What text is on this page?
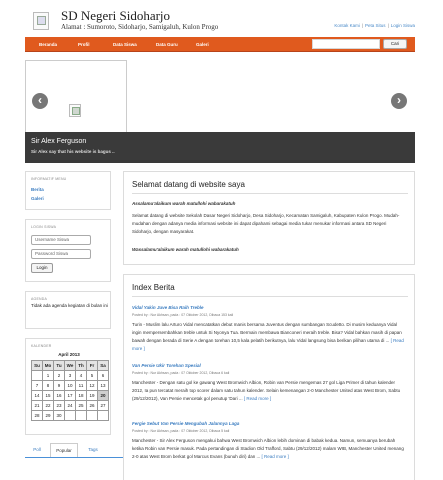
SD Negeri Sidoharjo
Alamat : Sumoroto, Sidoharjo, Samigaluh, Kulon Progo	Kontak Kami | Peta Situs | Login Siswa
Beranda	Profil	Data Siswa	Data Guru	Galeri	Cari
‹	›
Sir Alex Ferguson
Sir Alex say that his website is bagus ..
INFORMATIF MENU
Berita
Galeri
LOGIN SISWA
Username Siswa
Password Siswa
Login
AGENDA
Tidak ada agenda kegiatan di bulan ini
KALENDER
April 2013
Su	Mo	Tu	We	Th	Fr	Sa
	1	2	3	4	5	6
7	8	9	10	11	12	13
14	15	16	17	18	19	20
21	22	23	24	25	26	27
28	29	30				
Poll	Popular	Tags
Selamat datang di website saya
Assalamu'alaikum warah matullohi wabarakatuh
Selamat datang di website Sekolah Dasar Negeri Sidoharjo, Desa Sidoharjo, Kecamatan Samigaluh, Kabupaten Kulon Progo. Mudah-mudahan dengan adanya media informasi website ini dapat dipahami sebagai media tukar menukar informasi antara SD Negeri Sidoharjo, dengan masyarakat.
Wassalamu'alaikum warah matullohi wabarakatuh
Index Berita
Vidal Yakin Juve Bisa Raih Treble
Posted by : Nur Akhsan, pada : 07 Oktober 2012, Dibaca 153 kali
Turin - Muslim lalu Arturo Vidal mencatatkan debut manis bersama Juventus dengan sumbangan Scudetto. Di musim keduanya Vidal ingin mempersembahkan treble untuk Si Nyonya Tua. Bermain membawa Bianconeri meraih treble. Bisa? Vidal bahkan masih di papan bawah dengan berada di Serie A dengan torehan 10,5 kala pelatih berikutnya, lalu Vidal langsung bisa berikan pilihan utama di ... [ Read more ]
Van Persie Ukir Torehan Spesial
Posted by : Nur Akhsan, pada : 07 Oktober 2012, Dibaca 6 kali
Manchester - Dengan satu gol ke gawang West Bromwich Albion, Robin van Persie mengemas 27 gol Liga Primer di tahun kalender 2012, Ia pun tercatat meraih top scorer dalam satu tahun kalender. Selain kemenangan 2-0 Manchester United atas West Brom, Sabtu (29/12/2012), Van Persie mencetak gol penutup 'Dari ... [ Read more ]
Fergie Sebut Van Persie Mengubah Jalannya Laga
Posted by : Nur Akhsan, pada : 07 Oktober 2012, Dibaca 5 kali
Manchester - Sir Alex Ferguson mengakui bahwa West Bromwich Albion lebih dominan di babak kedua. Namun, semuanya berubah ketika Robin van Persie masuk. Pada pertandingan di Stadion Old Trafford, Sabtu (29/12/2012) malam WIB, Manchester United menang 2-0 atas West Brom berkat gol Marcus Evans (bunuh diri) dan ... [ Read more ]
